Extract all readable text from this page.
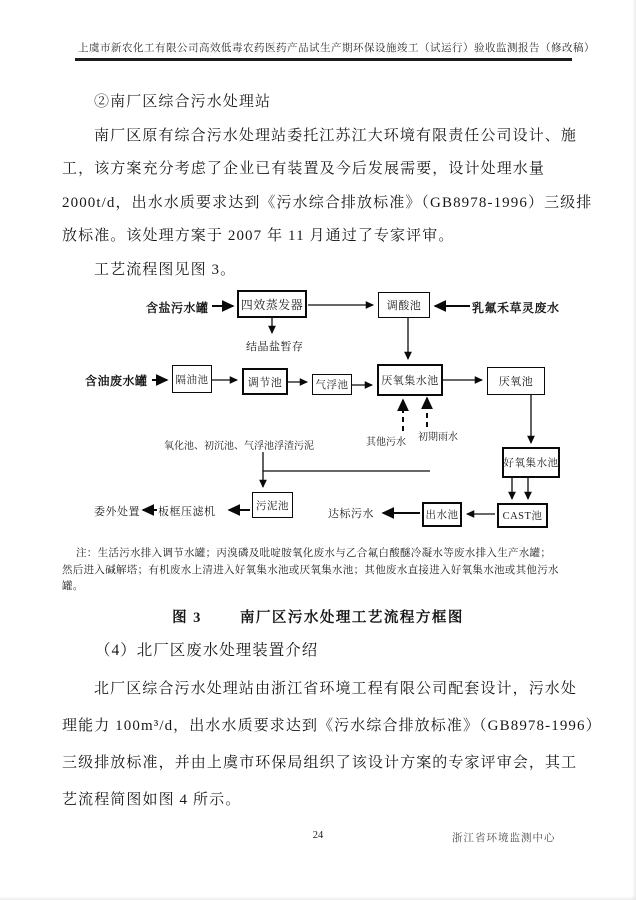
上虞市新农化工有限公司高效低毒农药医药产品试生产期环保设施竣工（试运行）验收监测报告（修改稿）
②南厂区综合污水处理站
南厂区原有综合污水处理站委托江苏江大环境有限责任公司设计、施
工，该方案充分考虑了企业已有装置及今后发展需要，设计处理水量
2000t/d，出水水质要求达到《污水综合排放标准》（GB8978-1996）三级排
放标准。该处理方案于 2007 年 11 月通过了专家评审。
工艺流程图见图 3。
四效蒸发器	调酸池
隔油池	调节池	气浮池	厌氧集水池	厌氧池
好氧集水池
污泥池
出水池	CAST池
含盐污水罐	乳氟禾草灵废水
结晶盐暂存
含油废水罐
其他污水 初期雨水
氧化池、初沉池、气浮池浮渣污泥
委外处置 板框压滤机	达标污水
注：生活污水排入调节水罐；丙溴磷及吡啶胺氧化废水与乙合氟白酸醚冷凝水等废水排入生产水罐；
然后进入碱解塔；有机废水上清进入好氧集水池或厌氧集水池；其他废水直接进入好氧集水池或其他污水
罐。
图 3	南厂区污水处理工艺流程方框图
（4）北厂区废水处理装置介绍
北厂区综合污水处理站由浙江省环境工程有限公司配套设计，污水处
理能力 100m³/d，出水水质要求达到《污水综合排放标准》（GB8978-1996）
三级排放标准，并由上虞市环保局组织了该设计方案的专家评审会，其工
艺流程简图如图 4 所示。
24	浙江省环境监测中心
